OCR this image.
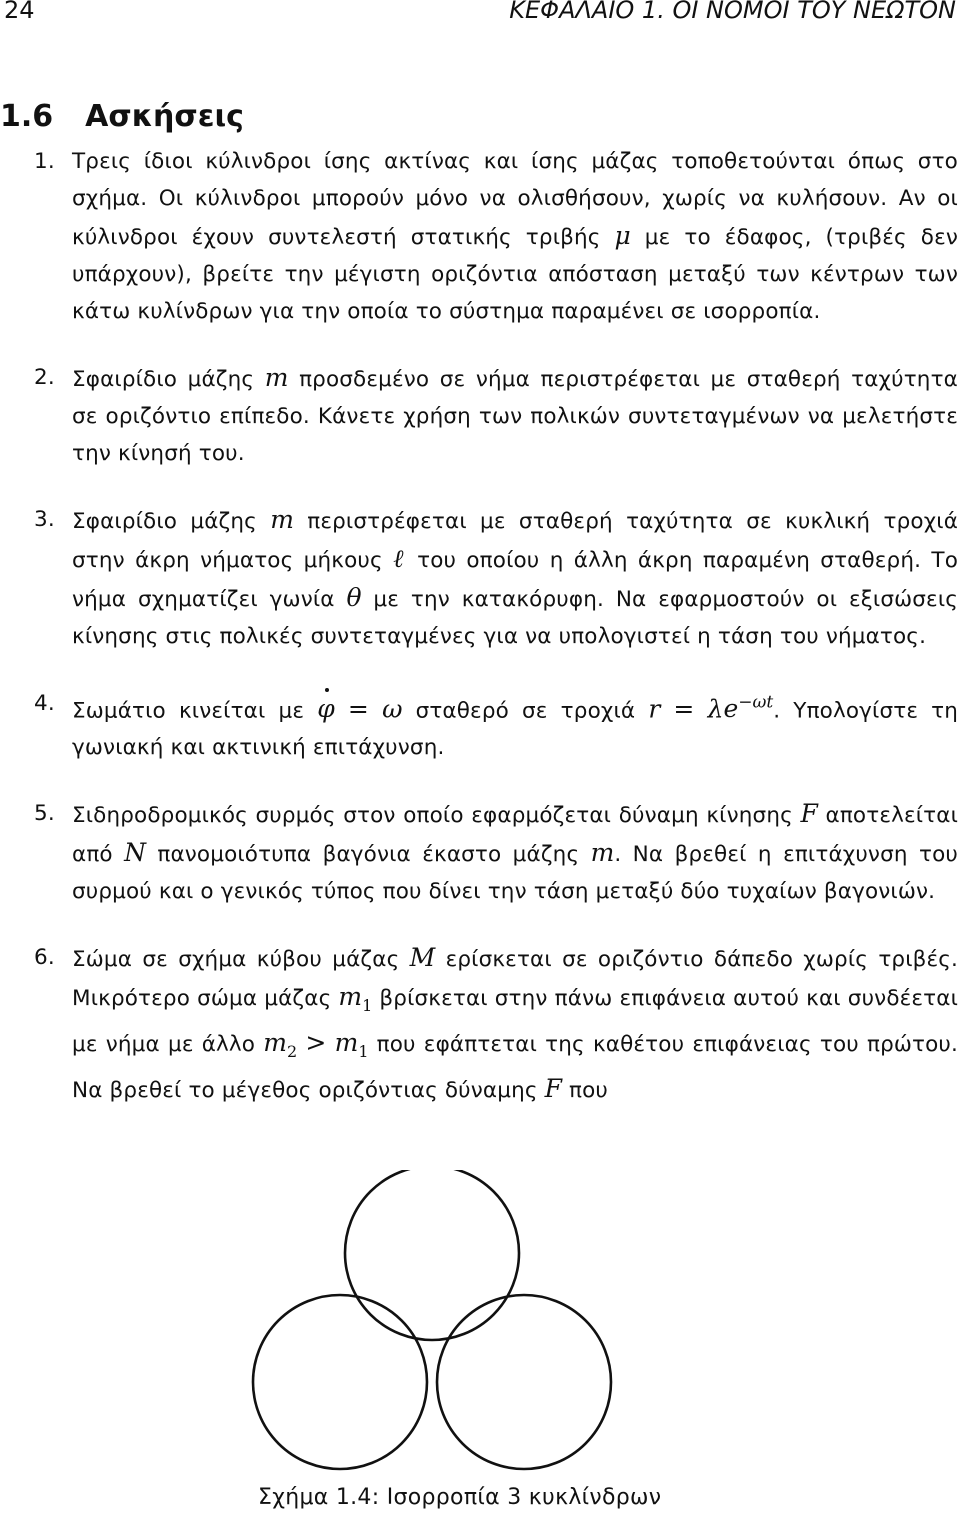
24	ΚΕΦΑΛΑΙΟ 1. ΟΙ ΝΟΜΟΙ ΤΟΥ ΝΕΩΤΟΝ
1.6 Ασκήσεις
1. Τρεις ίδιοι κύλινδροι ίσης ακτίνας και ίσης μάζας τοποθετούνται όπως στο σχήμα. Οι κύλινδροι μπορούν μόνο να ολισθήσουν, χωρίς να κυλήσουν. Αν οι κύλινδροι έχουν συντελεστή στατικής τριβής μ με το έδαφος, (τριβές δεν υπάρχουν), βρείτε την μέγιστη οριζόντια απόσταση μεταξύ των κέντρων των κάτω κυλίνδρων για την οποία το σύστημα παραμένει σε ισορροπία.
2. Σφαιρίδιο μάζης m προσδεμένο σε νήμα περιστρέφεται με σταθερή ταχύτητα σε οριζόντιο επίπεδο. Κάνετε χρήση των πολικών συντεταγμένων να μελετήστε την κίνησή του.
3. Σφαιρίδιο μάζης m περιστρέφεται με σταθερή ταχύτητα σε κυκλική τροχιά στην άκρη νήματος μήκους ℓ του οποίου η άλλη άκρη παραμένη σταθερή. Το νήμα σχηματίζει γωνία θ με την κατακόρυφη. Να εφαρμοστούν οι εξισώσεις κίνησης στις πολικές συντεταγμένες για να υπολογιστεί η τάση του νήματος.
4. Σωμάτιο κινείται με φ = ω σταθερό σε τροχιά $r = \lambda e^{-\omega t}$. Υπολογίστε τη γωνιακή και ακτινική επιτάχυνση.
5. Σιδηροδρομικός συρμός στον οποίο εφαρμόζεται δύναμη κίνησης F αποτελείται από N πανομοιότυπα βαγόνια έκαστο μάζης m. Να βρεθεί η επιτάχυνση του συρμού και ο γενικός τύπος που δίνει την τάση μεταξύ δύο τυχαίων βαγονιών.
6. Σώμα σε σχήμα κύβου μάζας M ερίσκεται σε οριζόντιο δάπεδο χωρίς τριβές. Μικρότερο σώμα μάζας $m_1$ βρίσκεται στην πάνω επιφάνεια αυτού και συνδέεται με νήμα με άλλο $m_2 > m_1$ που εφάπτεται της καθέτου επιφάνειας του πρώτου. Να βρεθεί το μέγεθος οριζόντιας δύναμης F που
Σχήμα 1.4: Ισορροπία 3 κυκλίνδρων
